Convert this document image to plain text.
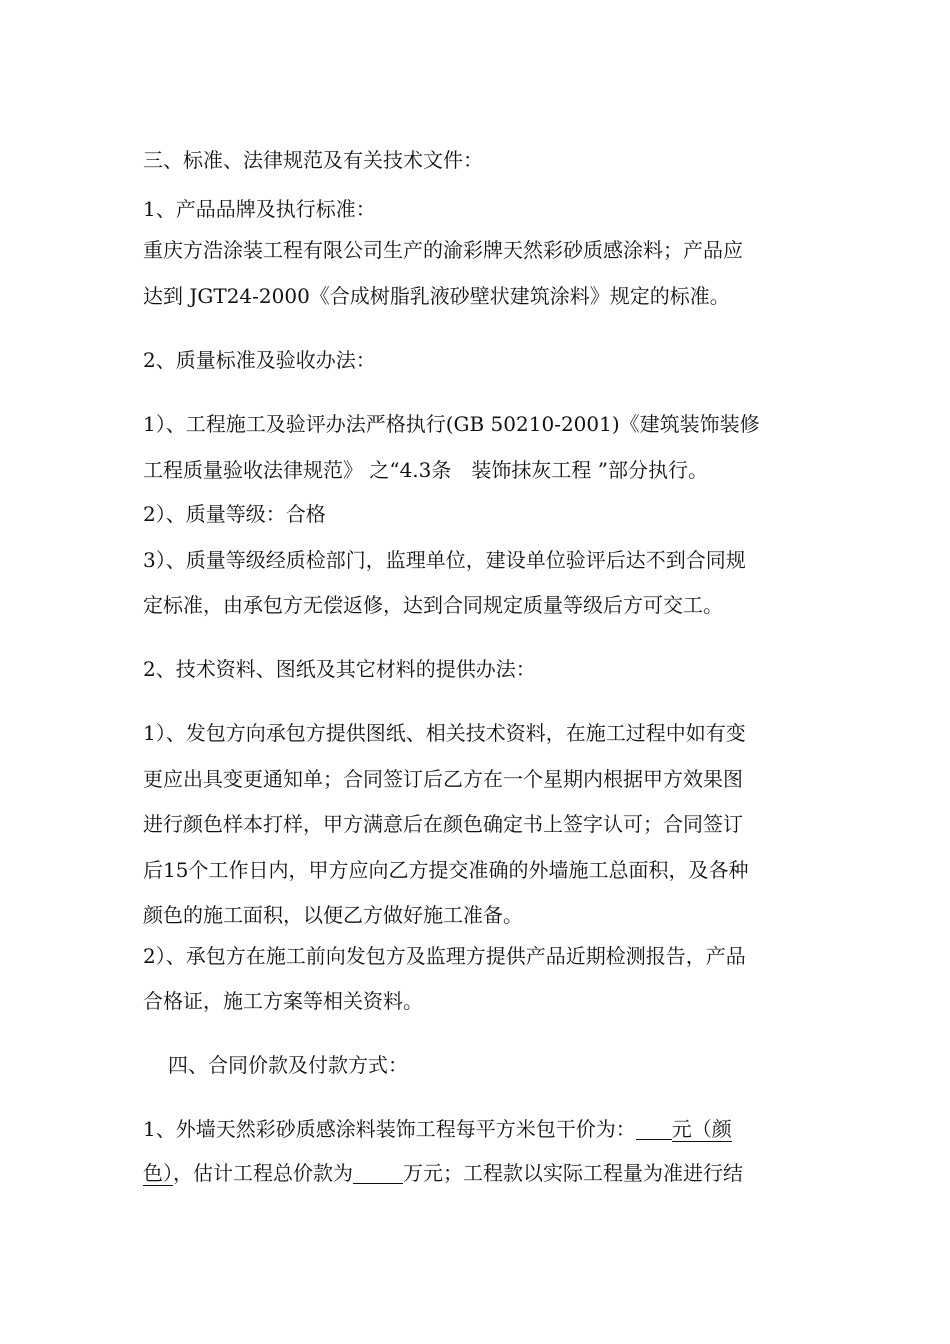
三、标准、法律规范及有关技术文件：
1、产品品牌及执行标准：
重庆方浩涂装工程有限公司生产的渝彩牌天然彩砂质感涂料；产品应
达到 JGT24-2000《合成树脂乳液砂壁状建筑涂料》规定的标准。
2、质量标准及验收办法：
1）、工程施工及验评办法严格执行(GB 50210-2001)《建筑装饰装修
工程质量验收法律规范》 之“4.3条　装饰抹灰工程 ”部分执行。
2）、质量等级：合格
3）、质量等级经质检部门，监理单位，建设单位验评后达不到合同规
定标准，由承包方无偿返修，达到合同规定质量等级后方可交工。
2、技术资料、图纸及其它材料的提供办法：
1）、发包方向承包方提供图纸、相关技术资料，在施工过程中如有变
更应出具变更通知单；合同签订后乙方在一个星期内根据甲方效果图
进行颜色样本打样，甲方满意后在颜色确定书上签字认可；合同签订
后15个工作日内，甲方应向乙方提交准确的外墙施工总面积，及各种
颜色的施工面积，以便乙方做好施工准备。
2）、承包方在施工前向发包方及监理方提供产品近期检测报告，产品
合格证，施工方案等相关资料。
四、合同价款及付款方式：
1、外墙天然彩砂质感涂料装饰工程每平方米包干价为： 元（颜
色），估计工程总价款为	万元；工程款以实际工程量为准进行结
